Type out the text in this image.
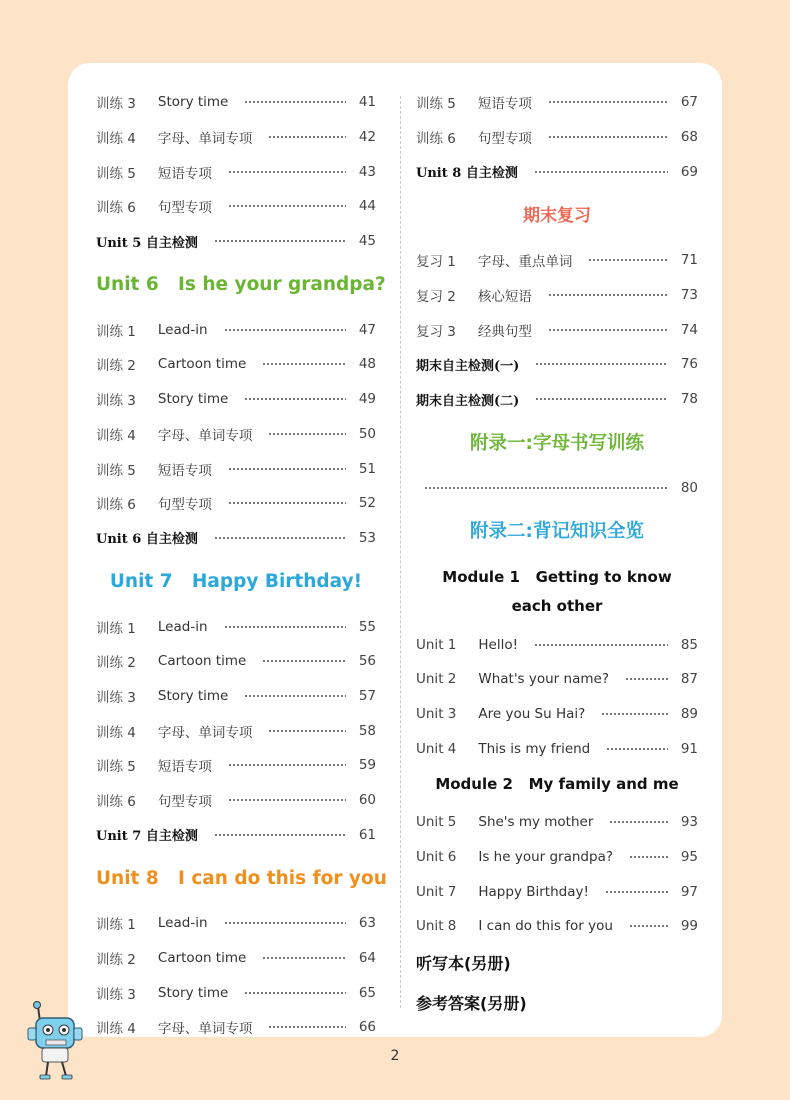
训练 3 Story time	41
训练 4 字母、单词专项	42
训练 5 短语专项	43
训练 6 句型专项	44
Unit 5 自主检测	45
Unit 6   Is he your grandpa?
训练 1 Lead-in	47
训练 2 Cartoon time	48
训练 3 Story time	49
训练 4 字母、单词专项	50
训练 5 短语专项	51
训练 6 句型专项	52
Unit 6 自主检测	53
Unit 7   Happy Birthday!
训练 1 Lead-in	55
训练 2 Cartoon time	56
训练 3 Story time	57
训练 4 字母、单词专项	58
训练 5 短语专项	59
训练 6 句型专项	60
Unit 7 自主检测	61
Unit 8   I can do this for you
训练 1 Lead-in	63
训练 2 Cartoon time	64
训练 3 Story time	65
训练 4 字母、单词专项	66
训练 5 短语专项	67
训练 6 句型专项	68
Unit 8 自主检测	69
期末复习
复习 1 字母、重点单词	71
复习 2 核心短语	73
复习 3 经典句型	74
期末自主检测(一)	76
期末自主检测(二)	78
附录一:字母书写训练
80
附录二:背记知识全览
Module 1   Getting to know
each other
Unit 1 Hello!	85
Unit 2 What's your name?	87
Unit 3 Are you Su Hai?	89
Unit 4 This is my friend	91
Module 2   My family and me
Unit 5 She's my mother	93
Unit 6 Is he your grandpa?	95
Unit 7 Happy Birthday!	97
Unit 8 I can do this for you	99
听写本(另册)
参考答案(另册)
2
